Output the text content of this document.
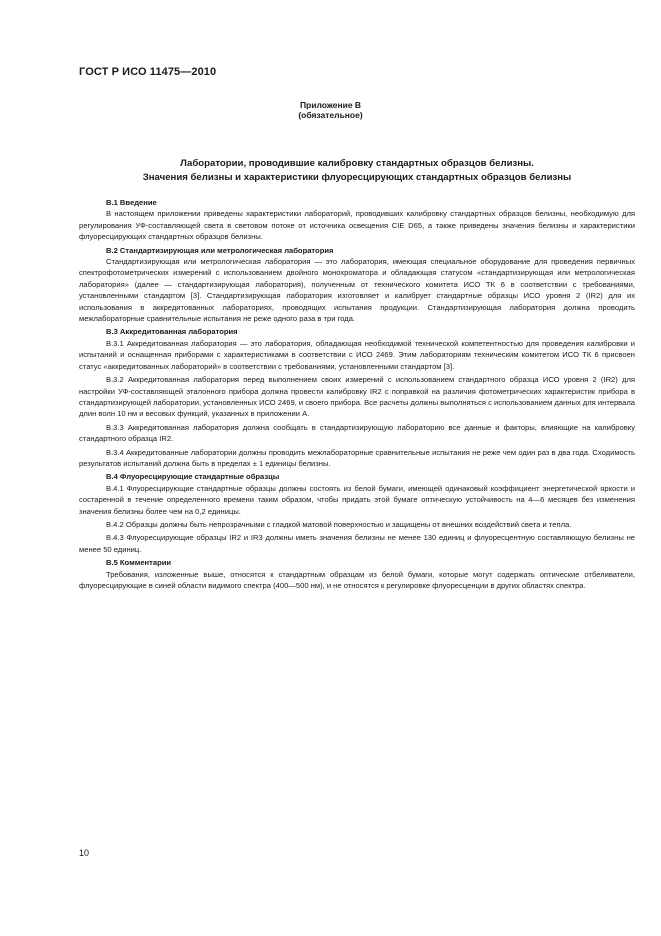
ГОСТ Р ИСО 11475—2010
Приложение В
(обязательное)
Лаборатории, проводившие калибровку стандартных образцов белизны.
Значения белизны и характеристики флуоресцирующих стандартных образцов белизны
В.1 Введение
В настоящем приложении приведены характеристики лабораторий, проводивших калибровку стандартных образцов белизны, необходимую для регулирования УФ-составляющей света в световом потоке от источника освещения CIE D65, а также приведены значения белизны и характеристики флуоресцирующих стандартных образцов белизны.
В.2 Стандартизирующая или метрологическая лаборатория
Стандартизирующая или метрологическая лаборатория — это лаборатория, имеющая специальное оборудование для проведения первичных спектрофотометрических измерений с использованием двойного монохроматора и обладающая статусом «стандартизирующая или метрологическая лаборатория» (далее — стандартизирующая лаборатория), полученным от технического комитета ИСО ТК 6 в соответствии с требованиями, установленными стандартом [3]. Стандартизирующая лаборатория изготовляет и калибрует стандартные образцы ИСО уровня 2 (IR2) для их использования в аккредитованных лабораториях, проводящих испытания продукции. Стандартизирующая лаборатория должна проводить межлабораторные сравнительные испытания не реже одного раза в три года.
В.3 Аккредитованная лаборатория
В.3.1 Аккредитованная лаборатория — это лаборатория, обладающая необходимой технической компетентностью для проведения калибровки и испытаний и оснащенная приборами с характеристиками в соответствии с ИСО 2469. Этим лабораториям техническим комитетом ИСО ТК 6 присвоен статус «аккредитованных лабораторий» в соответствии с требованиями, установленными стандартом [3].
В.3.2 Аккредитованная лаборатория перед выполнением своих измерений с использованием стандартного образца ИСО уровня 2 (IR2) для настройки УФ-составляющей эталонного прибора должна провести калибровку IR2 с поправкой на различия фотометрических характеристик прибора в стандартизирующей лаборатории, установленных ИСО 2469, и своего прибора. Все расчеты должны выполняться с использованием данных для интервала длин волн 10 нм и весовых функций, указанных в приложении А.
В.3.3 Аккредитованная лаборатория должна сообщать в стандартизирующую лабораторию все данные и факторы, влияющие на калибровку стандартного образца IR2.
В.3.4 Аккредитованные лаборатории должны проводить межлабораторные сравнительные испытания не реже чем один раз в два года. Сходимость результатов испытаний должна быть в пределах ± 1 единицы белизны.
В.4 Флуоресцирующие стандартные образцы
В.4.1 Флуоресцирующие стандартные образцы должны состоять из белой бумаги, имеющей одинаковый коэффициент энергетической яркости и состаренной в течение определенного времени таким образом, чтобы придать этой бумаге оптическую устойчивость на 4—6 месяцев без изменения значения белизны более чем на 0,2 единицы.
В.4.2 Образцы должны быть непрозрачными с гладкой матовой поверхностью и защищены от внешних воздействий света и тепла.
В.4.3 Флуоресцирующие образцы IR2 и IR3 должны иметь значения белизны не менее 130 единиц и флуоресцентную составляющую белизны не менее 50 единиц.
В.5 Комментарии
Требования, изложенные выше, относятся к стандартным образцам из белой бумаги, которые могут содержать оптические отбеливатели, флуоресцирующие в синей области видимого спектра (400—500 нм), и не относятся к регулировке флуоресценции в других областях спектра.
10
